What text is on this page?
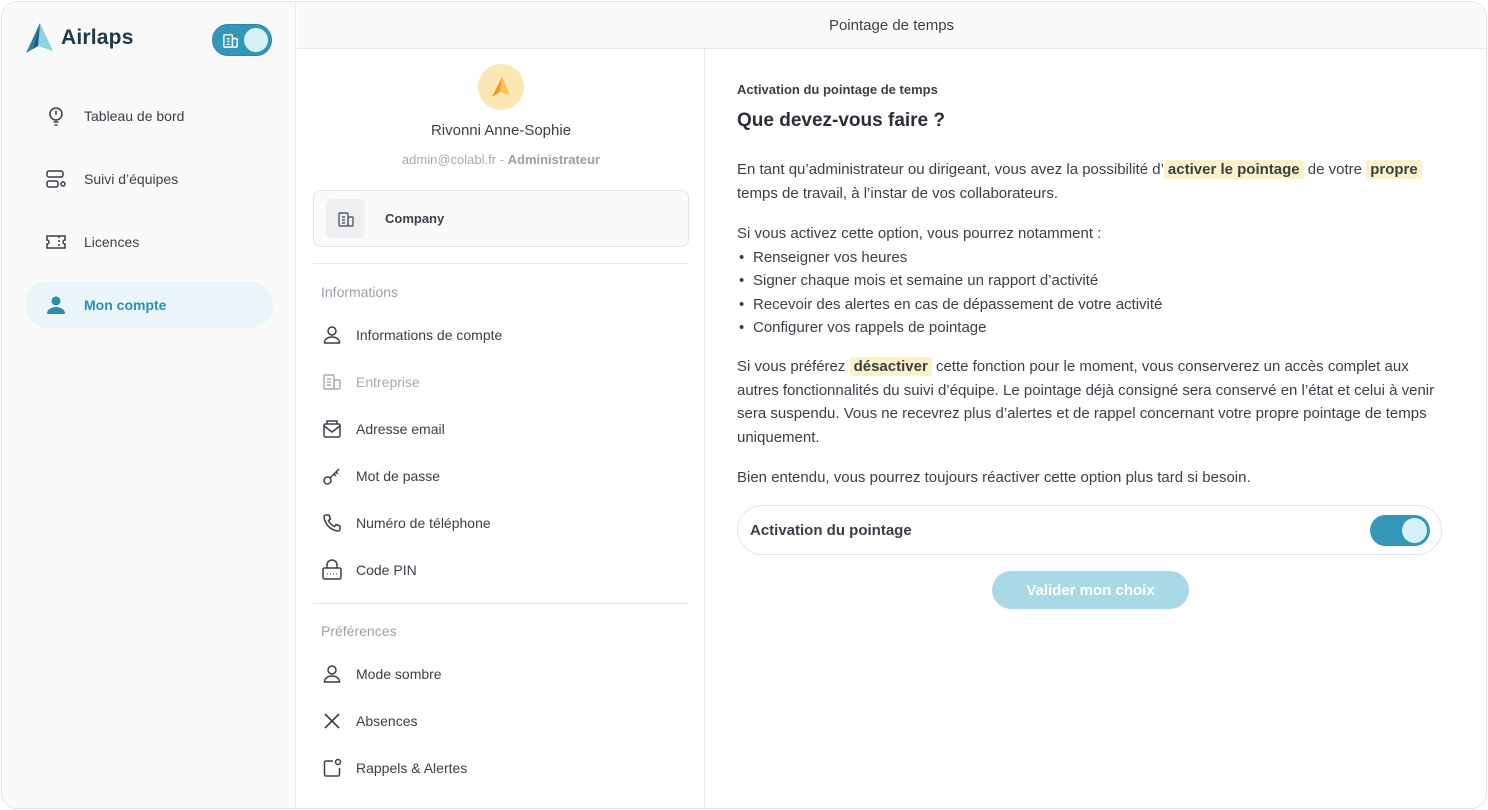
Airlaps
Tableau de bord
Suivi d’équipes
Licences
Mon compte
Pointage de temps
Rivonni Anne-Sophie
admin@colabl.fr - Administrateur
Company
Informations
Informations de compte
Entreprise
Adresse email
Mot de passe
Numéro de téléphone
Code PIN
Préférences
Mode sombre
Absences
Rappels & Alertes
Activation du pointage de temps
Que devez-vous faire ?

En tant qu’administrateur ou dirigeant, vous avez la possibilité d’ activer le pointage de votre propre temps de travail, à l’instar de vos collaborateurs.

Si vous activez cette option, vous pourrez notamment :
• Renseigner vos heures
• Signer chaque mois et semaine un rapport d’activité
• Recevoir des alertes en cas de dépassement de votre activité
• Configurer vos rappels de pointage

Si vous préférez désactiver cette fonction pour le moment, vous conserverez un accès complet aux autres fonctionnalités du suivi d’équipe. Le pointage déjà consigné sera conservé en l’état et celui à venir sera suspendu. Vous ne recevrez plus d’alertes et de rappel concernant votre propre pointage de temps uniquement.

Bien entendu, vous pourrez toujours réactiver cette option plus tard si besoin.

Activation du pointage
Valider mon choix
